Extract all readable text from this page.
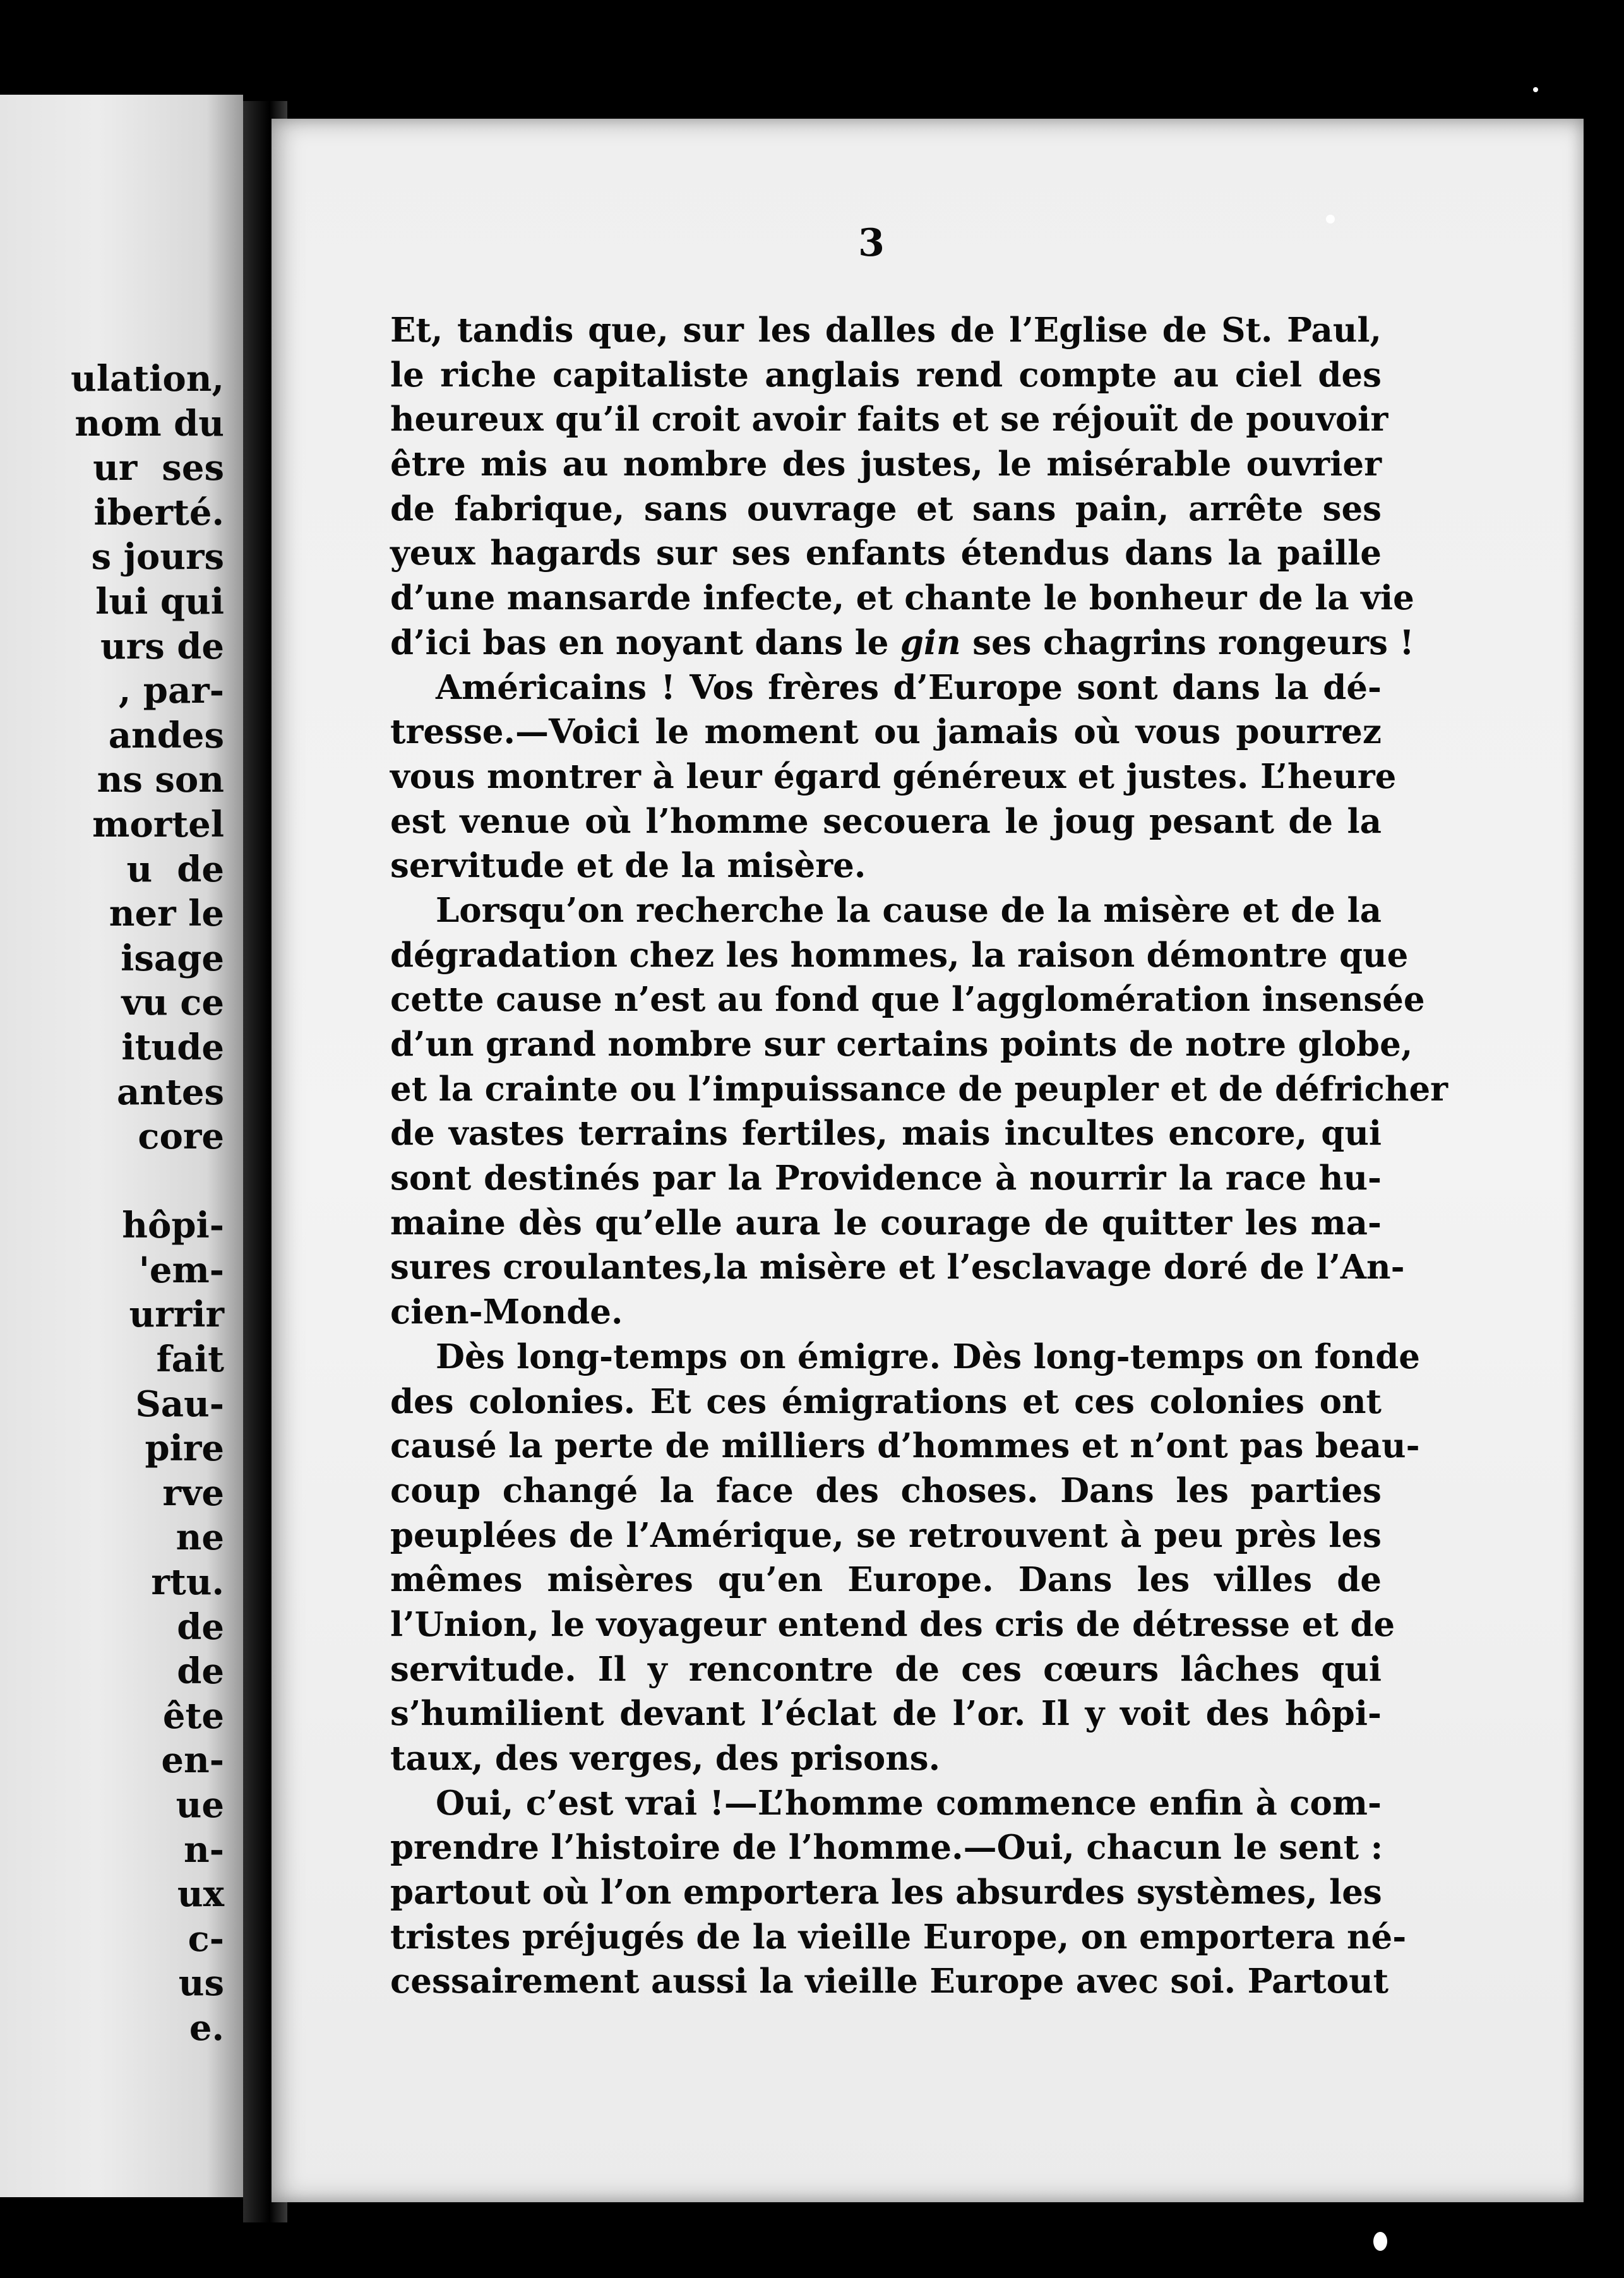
ulation,
nom du
ur  ses
iberté.
s jours
lui qui
urs de
, par-
andes
ns son
mortel
u  de
ner le
isage
vu ce
itude
antes
core
hôpi-
'em-
urrir
fait
Sau-
pire
rve
ne
rtu.
de
de
ête
en-
ue
n-
ux
c-
us
e.
3
Et, tandis que, sur les dalles de l’Eglise de St. Paul,
le riche capitaliste anglais rend compte au ciel des
heureux qu’il croit avoir faits et se réjouït de pouvoir
être mis au nombre des justes, le misérable ouvrier
de fabrique, sans ouvrage et sans pain, arrête ses
yeux hagards sur ses enfants étendus dans la paille
d’une mansarde infecte, et chante le bonheur de la vie
d’ici bas en noyant dans le gin ses chagrins rongeurs !
Américains ! Vos frères d’Europe sont dans la dé-
tresse.—Voici le moment ou jamais où vous pourrez
vous montrer à leur égard généreux et justes. L’heure
est venue où l’homme secouera le joug pesant de la
servitude et de la misère.
Lorsqu’on recherche la cause de la misère et de la
dégradation chez les hommes, la raison démontre que
cette cause n’est au fond que l’agglomération insensée
d’un grand nombre sur certains points de notre globe,
et la crainte ou l’impuissance de peupler et de défricher
de vastes terrains fertiles, mais incultes encore, qui
sont destinés par la Providence à nourrir la race hu-
maine dès qu’elle aura le courage de quitter les ma-
sures croulantes,la misère et l’esclavage doré de l’An-
cien-Monde.
Dès long-temps on émigre. Dès long-temps on fonde
des colonies. Et ces émigrations et ces colonies ont
causé la perte de milliers d’hommes et n’ont pas beau-
coup changé la face des choses. Dans les parties
peuplées de l’Amérique, se retrouvent à peu près les
mêmes misères qu’en Europe. Dans les villes de
l’Union, le voyageur entend des cris de détresse et de
servitude. Il y rencontre de ces cœurs lâches qui
s’humilient devant l’éclat de l’or. Il y voit des hôpi-
taux, des verges, des prisons.
Oui, c’est vrai !—L’homme commence enfin à com-
prendre l’histoire de l’homme.—Oui, chacun le sent :
partout où l’on emportera les absurdes systèmes, les
tristes préjugés de la vieille Europe, on emportera né-
cessairement aussi la vieille Europe avec soi. Partout
